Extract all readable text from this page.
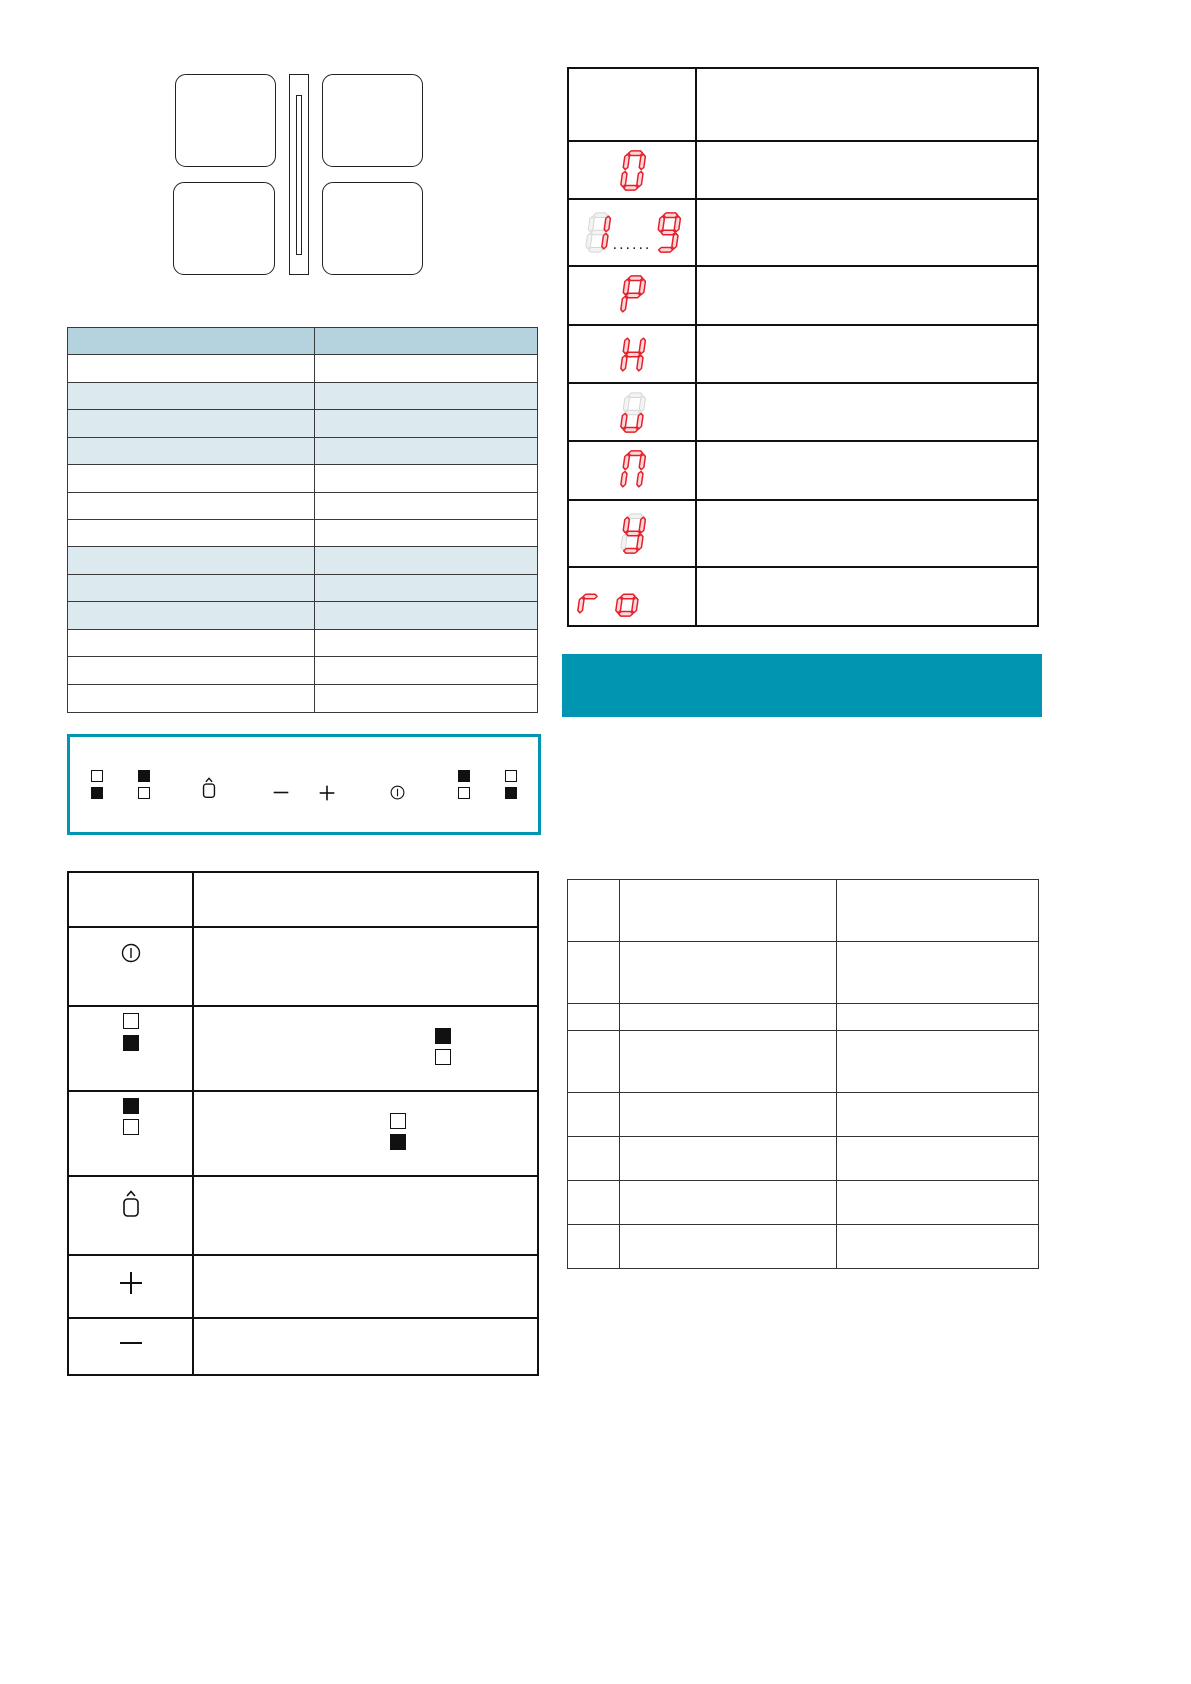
......
